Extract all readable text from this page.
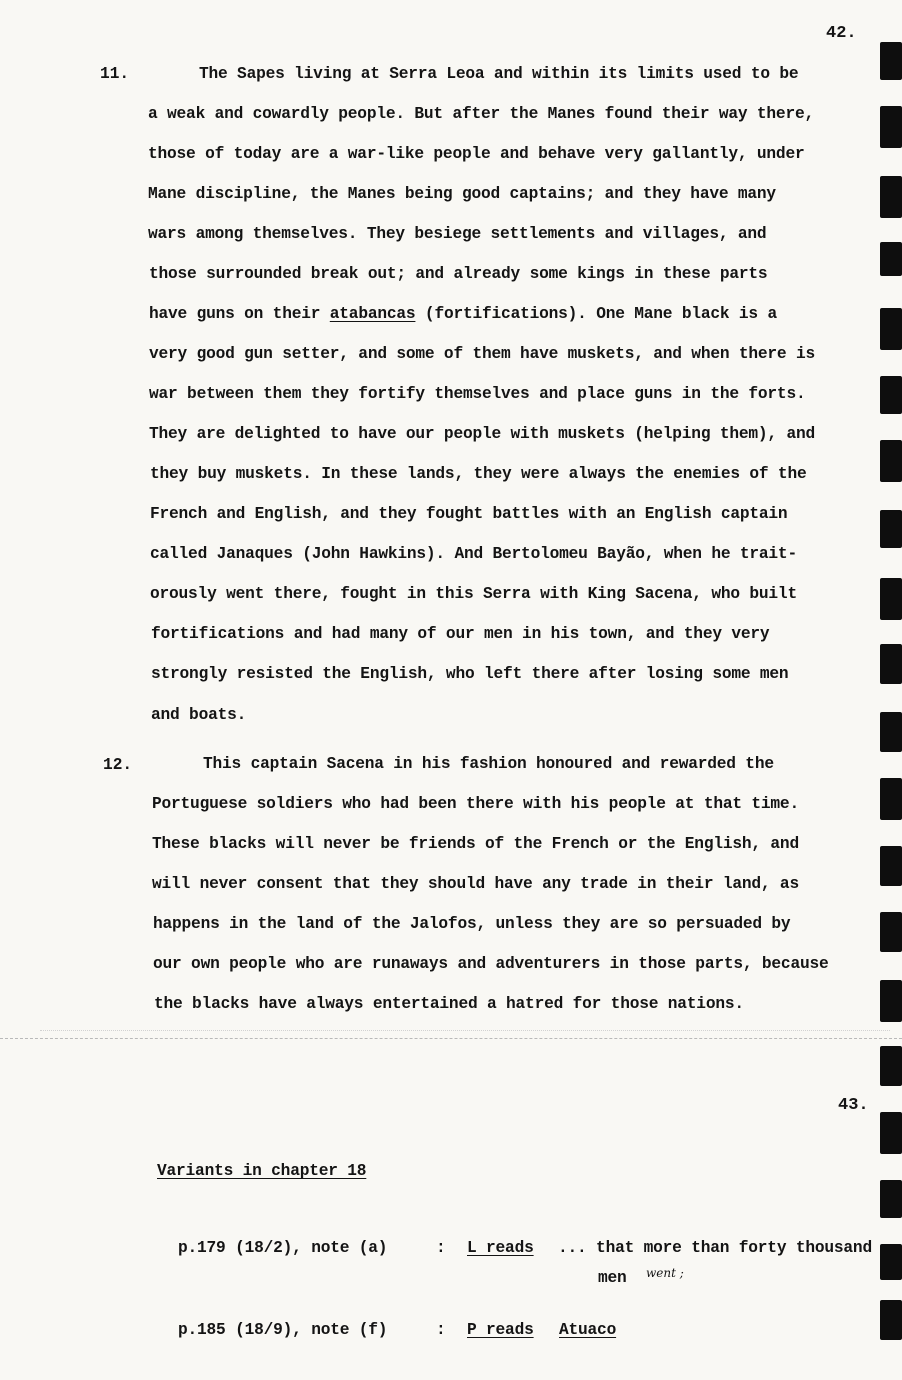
42.
11.	The Sapes living at Serra Leoa and within its limits used to be
a weak and cowardly people. But after the Manes found their way there,
those of today are a war-like people and behave very gallantly, under
Mane discipline, the Manes being good captains; and they have many
wars among themselves. They besiege settlements and villages, and
those surrounded break out; and already some kings in these parts
have guns on their atabancas (fortifications). One Mane black is a
very good gun setter, and some of them have muskets, and when there is
war between them they fortify themselves and place guns in the forts.
They are delighted to have our people with muskets (helping them), and
they buy muskets. In these lands, they were always the enemies of the
French and English, and they fought battles with an English captain
called Janaques (John Hawkins). And Bertolomeu Bayão, when he trait-
orously went there, fought in this Serra with King Sacena, who built
fortifications and had many of our men in his town, and they very
strongly resisted the English, who left there after losing some men
and boats.
12.	This captain Sacena in his fashion honoured and rewarded the
Portuguese soldiers who had been there with his people at that time.
These blacks will never be friends of the French or the English, and
will never consent that they should have any trade in their land, as
happens in the land of the Jalofos, unless they are so persuaded by
our own people who are runaways and adventurers in those parts, because
the blacks have always entertained a hatred for those nations.
43.
Variants in chapter 18
p.179 (18/2), note (a)	: L reads ... that more than forty thousand
men went ;
p.185 (18/9), note (f)	: P reads Atuaco
